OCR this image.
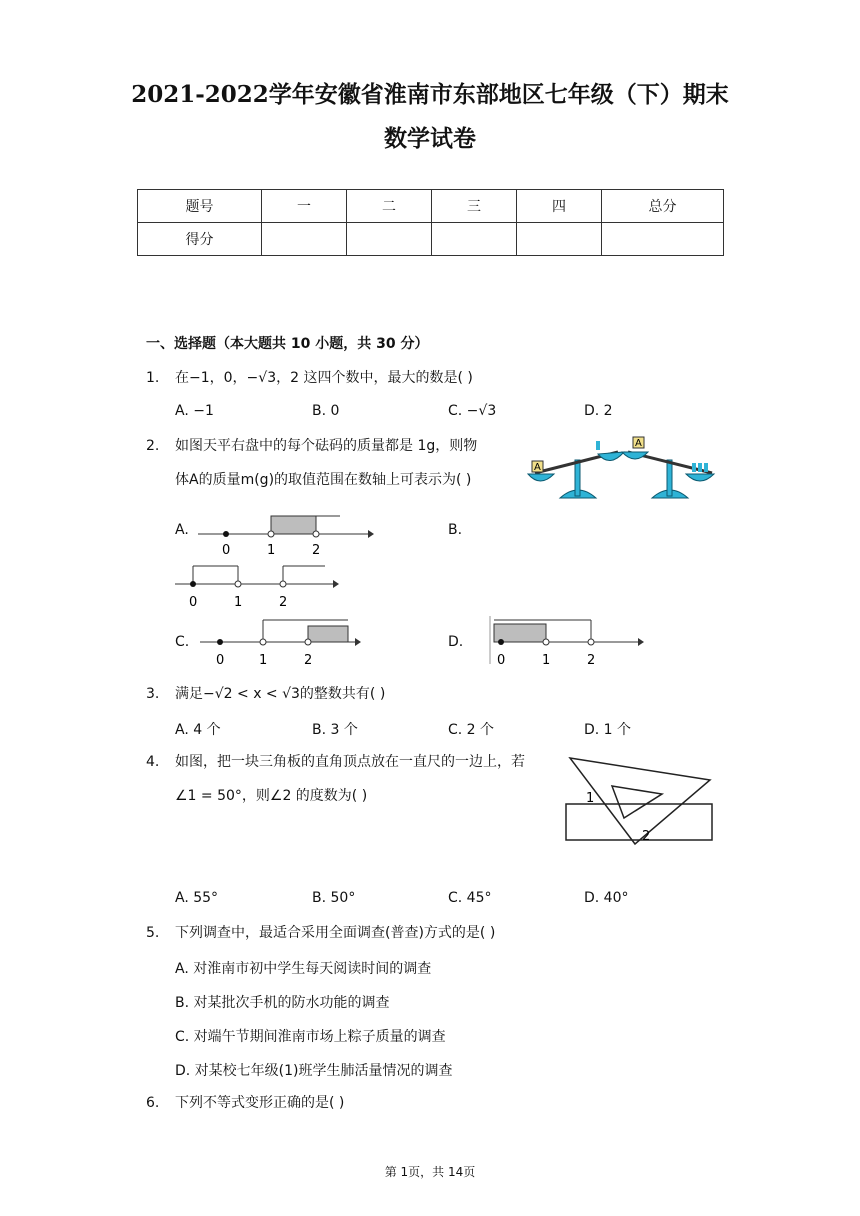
2021-2022学年安徽省淮南市东部地区七年级（下）期末
数学试卷
题号	一	二	三	四	总分
得分					
一、选择题（本大题共 10 小题，共 30 分）
1. 在−1，0，−√3，2 这四个数中，最大的数是( )
A. −1	B. 0	C. −√3	D. 2
2. 如图天平右盘中的每个砝码的质量都是 1g，则物
体A的质量m(g)的取值范围在数轴上可表示为( )
A
A
A.
0	1	2
B.
0	1	2
C.
0	1	2
D.
0	1	2
3. 满足−√2 < x < √3的整数共有( )
A. 4 个	B. 3 个	C. 2 个	D. 1 个
4. 如图，把一块三角板的直角顶点放在一直尺的一边上，若
∠1 = 50°，则∠2 的度数为( )	1
2
A. 55°	B. 50°	C. 45°	D. 40°
5. 下列调查中，最适合采用全面调查(普查)方式的是( )
A. 对淮南市初中学生每天阅读时间的调查
B. 对某批次手机的防水功能的调查
C. 对端午节期间淮南市场上粽子质量的调查
D. 对某校七年级(1)班学生肺活量情况的调查
6. 下列不等式变形正确的是( )
第 1页，共 14页
